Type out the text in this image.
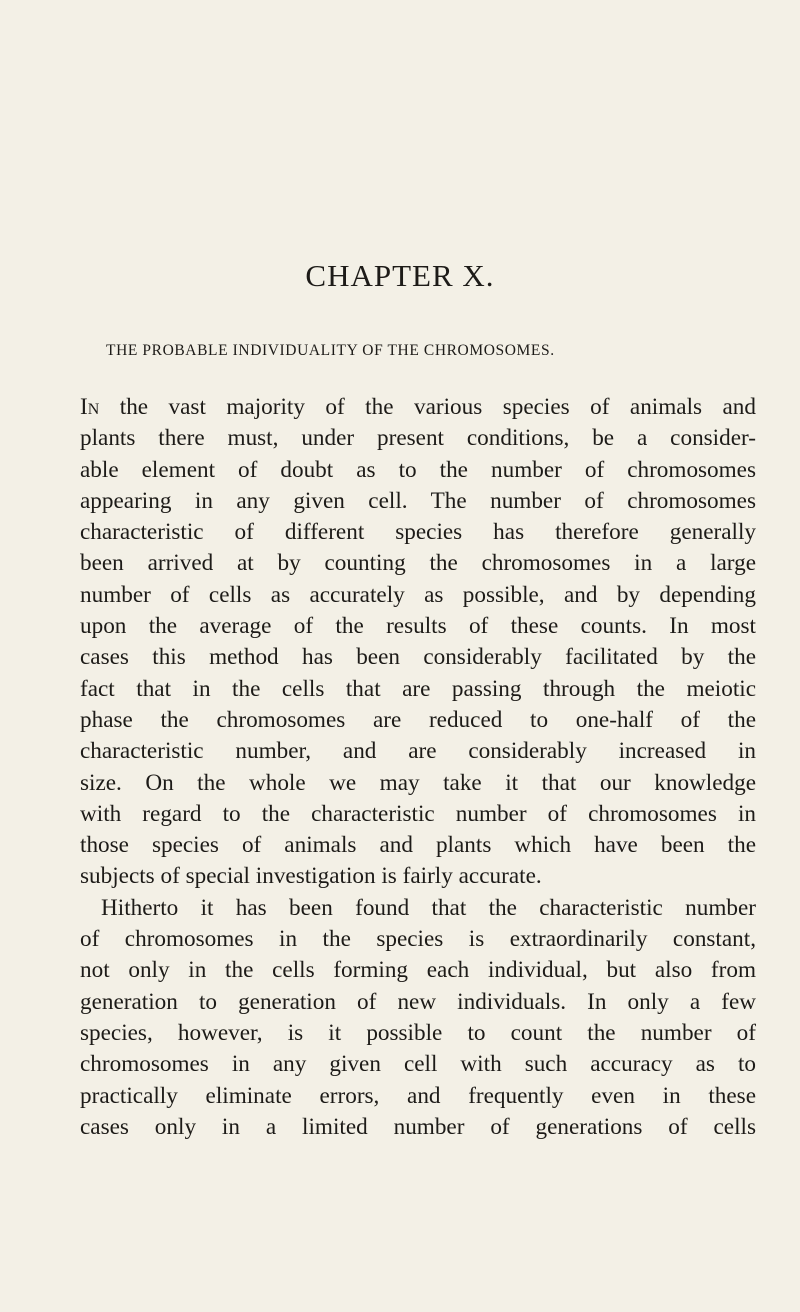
CHAPTER X.
THE PROBABLE INDIVIDUALITY OF THE CHROMOSOMES.
In the vast majority of the various species of animals and
plants there must, under present conditions, be a consider-
able element of doubt as to the number of chromosomes
appearing in any given cell. The number of chromosomes
characteristic of different species has therefore generally
been arrived at by counting the chromosomes in a large
number of cells as accurately as possible, and by depending
upon the average of the results of these counts. In most
cases this method has been considerably facilitated by the
fact that in the cells that are passing through the meiotic
phase the chromosomes are reduced to one-half of the
characteristic number, and are considerably increased in
size. On the whole we may take it that our knowledge
with regard to the characteristic number of chromosomes in
those species of animals and plants which have been the
subjects of special investigation is fairly accurate.
Hitherto it has been found that the characteristic number
of chromosomes in the species is extraordinarily constant,
not only in the cells forming each individual, but also from
generation to generation of new individuals. In only a few
species, however, is it possible to count the number of
chromosomes in any given cell with such accuracy as to
practically eliminate errors, and frequently even in these
cases only in a limited number of generations of cells
